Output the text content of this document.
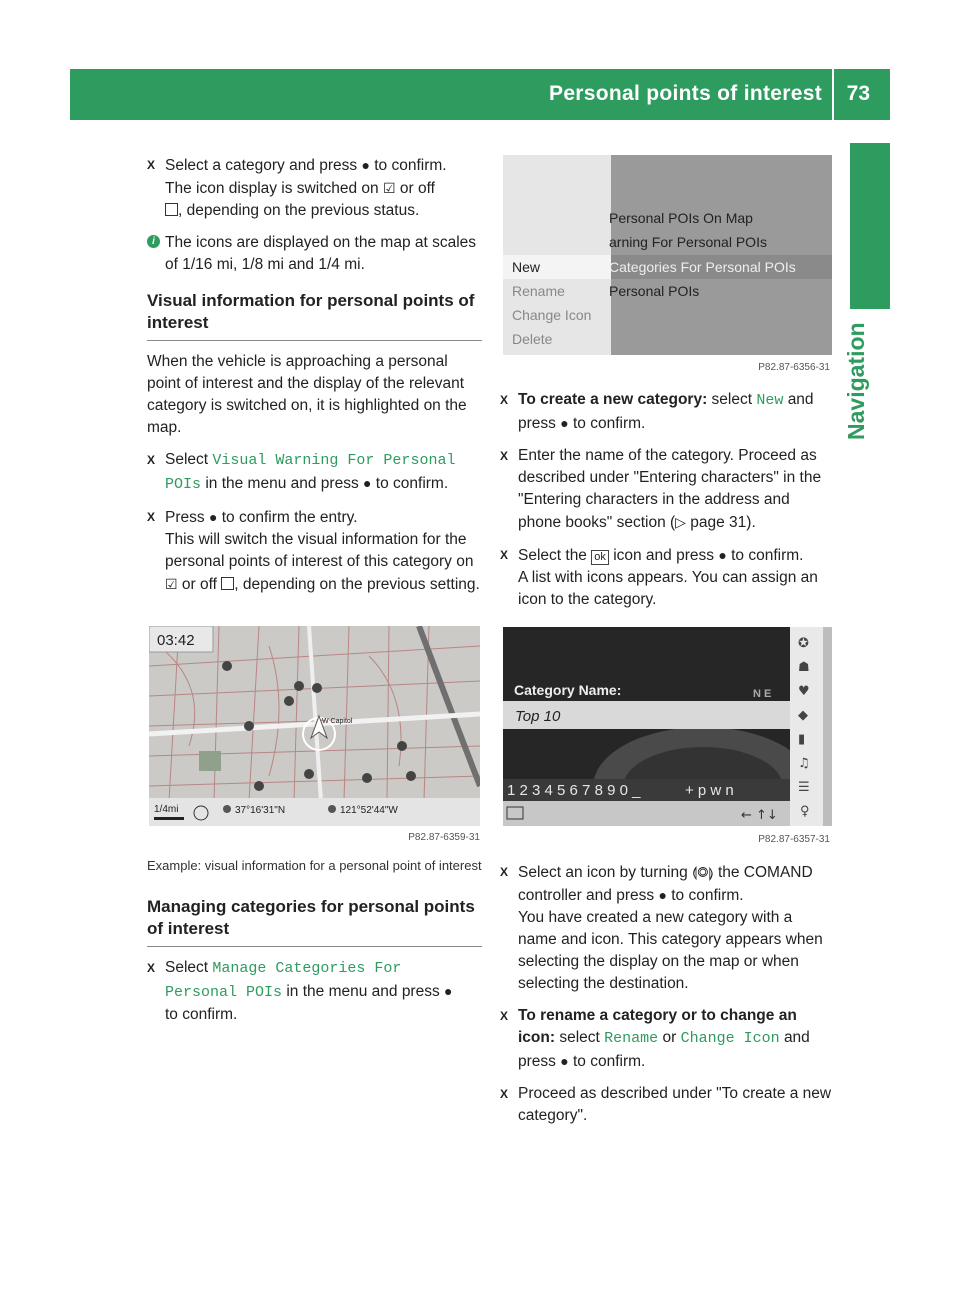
Personal points of interest 73
Navigation
X Select a category and press ● to confirm.
The icon display is switched on ☑ or off
, depending on the previous status.
i The icons are displayed on the map at scales of 1/16 mi, 1/8 mi and 1/4 mi.
Visual information for personal points of interest

When the vehicle is approaching a personal point of interest and the display of the relevant category is switched on, it is highlighted on the map.

X Select Visual Warning For Personal POIs in the menu and press ● to confirm.
X Press ● to confirm the entry.
This will switch the visual information for the personal points of interest of this category on ☑ or off , depending on the previous setting.
W Capitol
03:42
1/4mi	37°16'31"N	121°52'44"W
P82.87-6359-31

Example: visual information for a personal point of interest

Managing categories for personal points of interest
X Select Manage Categories For Personal POIs in the menu and press ●
to confirm.
New
Rename
Change Icon
Delete
Personal POIs On Map
arning For Personal POIs
Categories For Personal POIs
Personal POIs
P82.87-6356-31
X To create a new category: select New and press ● to confirm.
X Enter the name of the category. Proceed as described under "Entering characters" in the "Entering characters in the address and phone books" section (▷ page 31).
X Select the ok icon and press ● to confirm.
A list with icons appears. You can assign an icon to the category.
✪
☗
♥
◆
▮
♫
☰
♀
Category Name:	N E
Top 10
1 2 3 4 5 6 7 8 9 0 _	+ p w n
← ↑↓
P82.87-6357-31
X Select an icon by turning ⟬◎⟭ the COMAND controller and press ● to confirm.
You have created a new category with a name and icon. This category appears when selecting the display on the map or when selecting the destination.
X To rename a category or to change an icon: select Rename or Change Icon and press ● to confirm.
X Proceed as described under "To create a new category".
